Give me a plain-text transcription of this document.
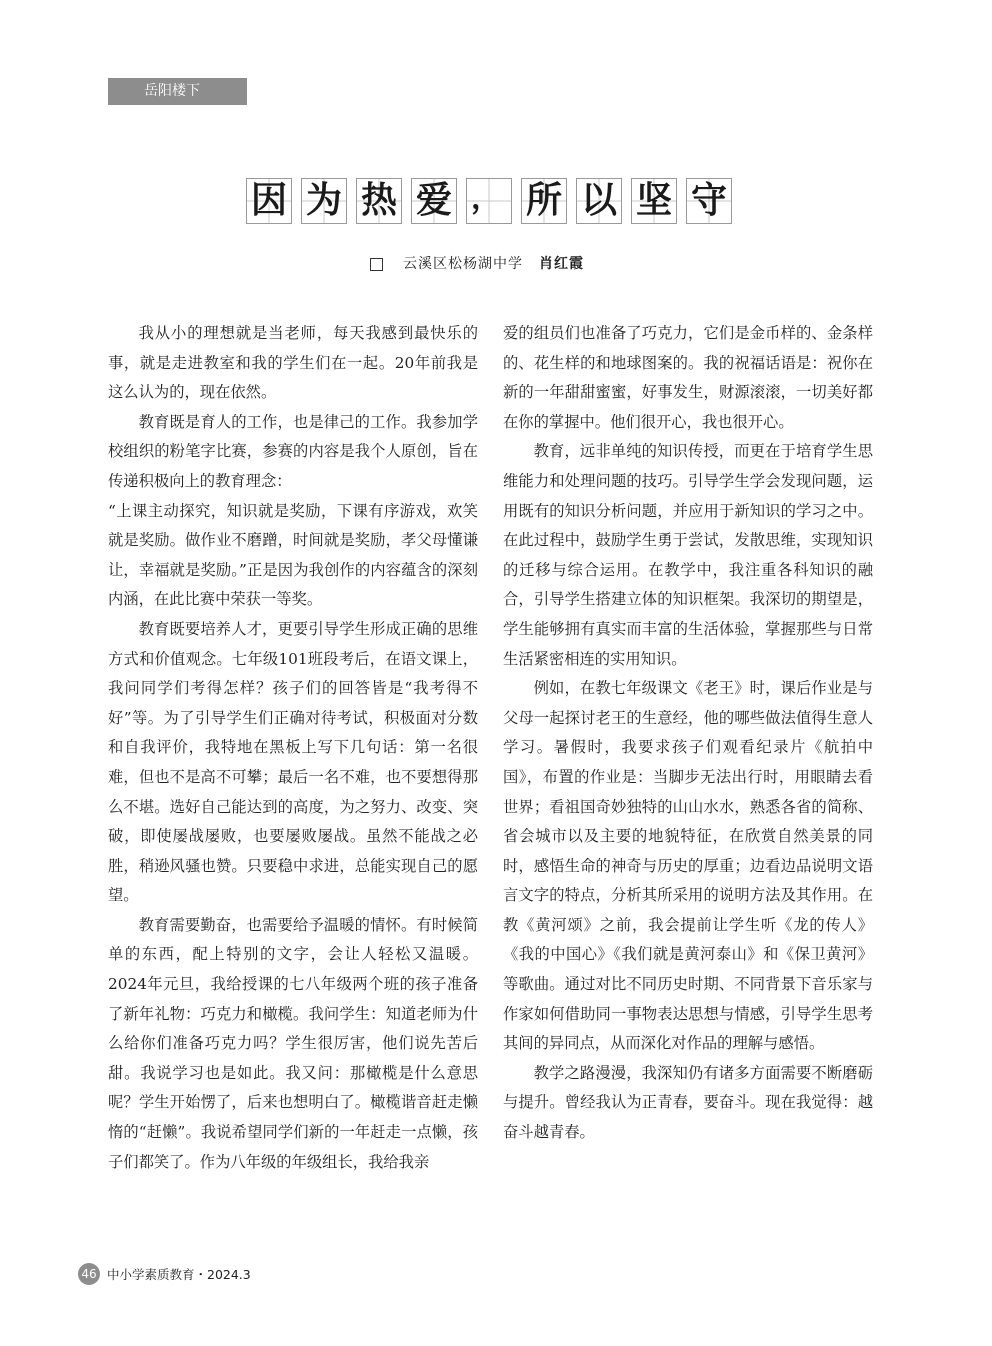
岳阳楼下
因 为 热 爱 ， 所 以 坚 守
云溪区松杨湖中学 肖红霞

我从小的理想就是当老师，每天我感到最快乐的事，就是走进教室和我的学生们在一起。20年前我是这么认为的，现在依然。

教育既是育人的工作，也是律己的工作。我参加学校组织的粉笔字比赛，参赛的内容是我个人原创，旨在传递积极向上的教育理念：

“上课主动探究，知识就是奖励，下课有序游戏，欢笑就是奖励。做作业不磨蹭，时间就是奖励，孝父母懂谦让，幸福就是奖励。”正是因为我创作的内容蕴含的深刻内涵，在此比赛中荣获一等奖。

教育既要培养人才，更要引导学生形成正确的思维方式和价值观念。七年级101班段考后，在语文课上，我问同学们考得怎样？孩子们的回答皆是“我考得不好”等。为了引导学生们正确对待考试，积极面对分数和自我评价，我特地在黑板上写下几句话：第一名很难，但也不是高不可攀；最后一名不难，也不要想得那么不堪。选好自己能达到的高度，为之努力、改变、突破，即使屡战屡败，也要屡败屡战。虽然不能战之必胜，稍逊风骚也赞。只要稳中求进，总能实现自己的愿望。

教育需要勤奋，也需要给予温暖的情怀。有时候简单的东西，配上特别的文字，会让人轻松又温暖。2024年元旦，我给授课的七八年级两个班的孩子准备了新年礼物：巧克力和橄榄。我问学生：知道老师为什么给你们准备巧克力吗？学生很厉害，他们说先苦后甜。我说学习也是如此。我又问：那橄榄是什么意思呢？学生开始愣了，后来也想明白了。橄榄谐音赶走懒惰的“赶懒”。我说希望同学们新的一年赶走一点懒，孩子们都笑了。作为八年级的年级组长，我给我亲

爱的组员们也准备了巧克力，它们是金币样的、金条样的、花生样的和地球图案的。我的祝福话语是：祝你在新的一年甜甜蜜蜜，好事发生，财源滚滚，一切美好都在你的掌握中。他们很开心，我也很开心。

教育，远非单纯的知识传授，而更在于培育学生思维能力和处理问题的技巧。引导学生学会发现问题，运用既有的知识分析问题，并应用于新知识的学习之中。在此过程中，鼓励学生勇于尝试，发散思维，实现知识的迁移与综合运用。在教学中，我注重各科知识的融合，引导学生搭建立体的知识框架。我深切的期望是，学生能够拥有真实而丰富的生活体验，掌握那些与日常生活紧密相连的实用知识。

例如，在教七年级课文《老王》时，课后作业是与父母一起探讨老王的生意经，他的哪些做法值得生意人学习。暑假时，我要求孩子们观看纪录片《航拍中国》，布置的作业是：当脚步无法出行时，用眼睛去看世界；看祖国奇妙独特的山山水水，熟悉各省的简称、省会城市以及主要的地貌特征，在欣赏自然美景的同时，感悟生命的神奇与历史的厚重；边看边品说明文语言文字的特点，分析其所采用的说明方法及其作用。在教《黄河颂》之前，我会提前让学生听《龙的传人》《我的中国心》《我们就是黄河泰山》和《保卫黄河》等歌曲。通过对比不同历史时期、不同背景下音乐家与作家如何借助同一事物表达思想与情感，引导学生思考其间的异同点，从而深化对作品的理解与感悟。

教学之路漫漫，我深知仍有诸多方面需要不断磨砺与提升。曾经我认为正青春，要奋斗。现在我觉得：越奋斗越青春。

46 中小学素质教育・2024.3
